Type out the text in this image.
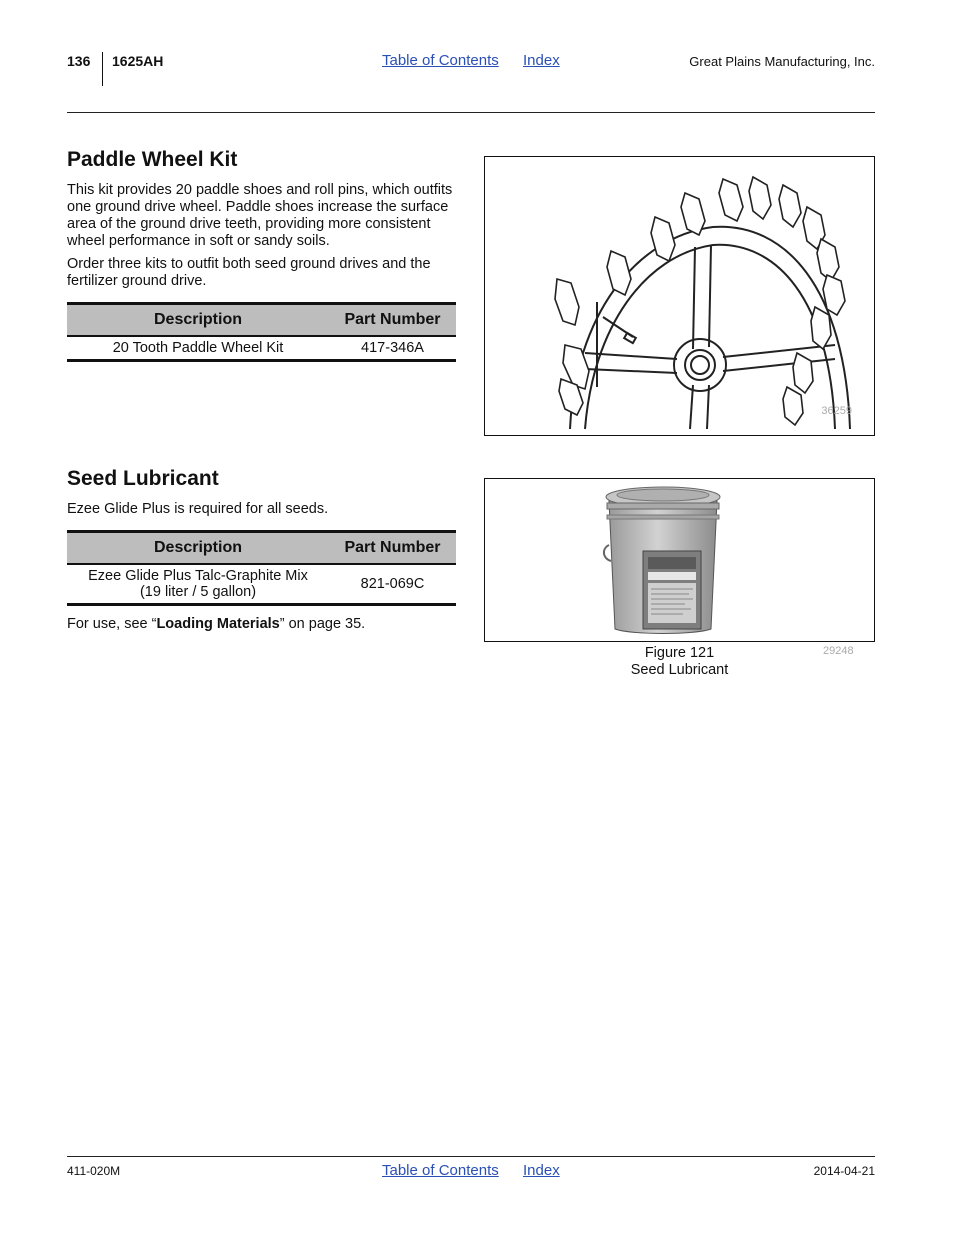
136 1625AH	Table of Contents Index	Great Plains Manufacturing, Inc.
Paddle Wheel Kit

This kit provides 20 paddle shoes and roll pins, which outfits one ground drive wheel. Paddle shoes increase the surface area of the ground drive teeth, providing more consistent wheel performance in soft or sandy soils.

Order three kits to outfit both seed ground drives and the fertilizer ground drive.

Description	Part Number
20 Tooth Paddle Wheel Kit	417-346A
36259
Seed Lubricant

Ezee Glide Plus is required for all seeds.

Description	Part Number

Ezee Glide Plus Talc-Graphite Mix
(19 liter / 5 gallon)	821-069C

For use, see “Loading Materials” on page 35.

29248
Figure 121
Seed Lubricant
411-020M	Table of Contents Index	2014-04-21
